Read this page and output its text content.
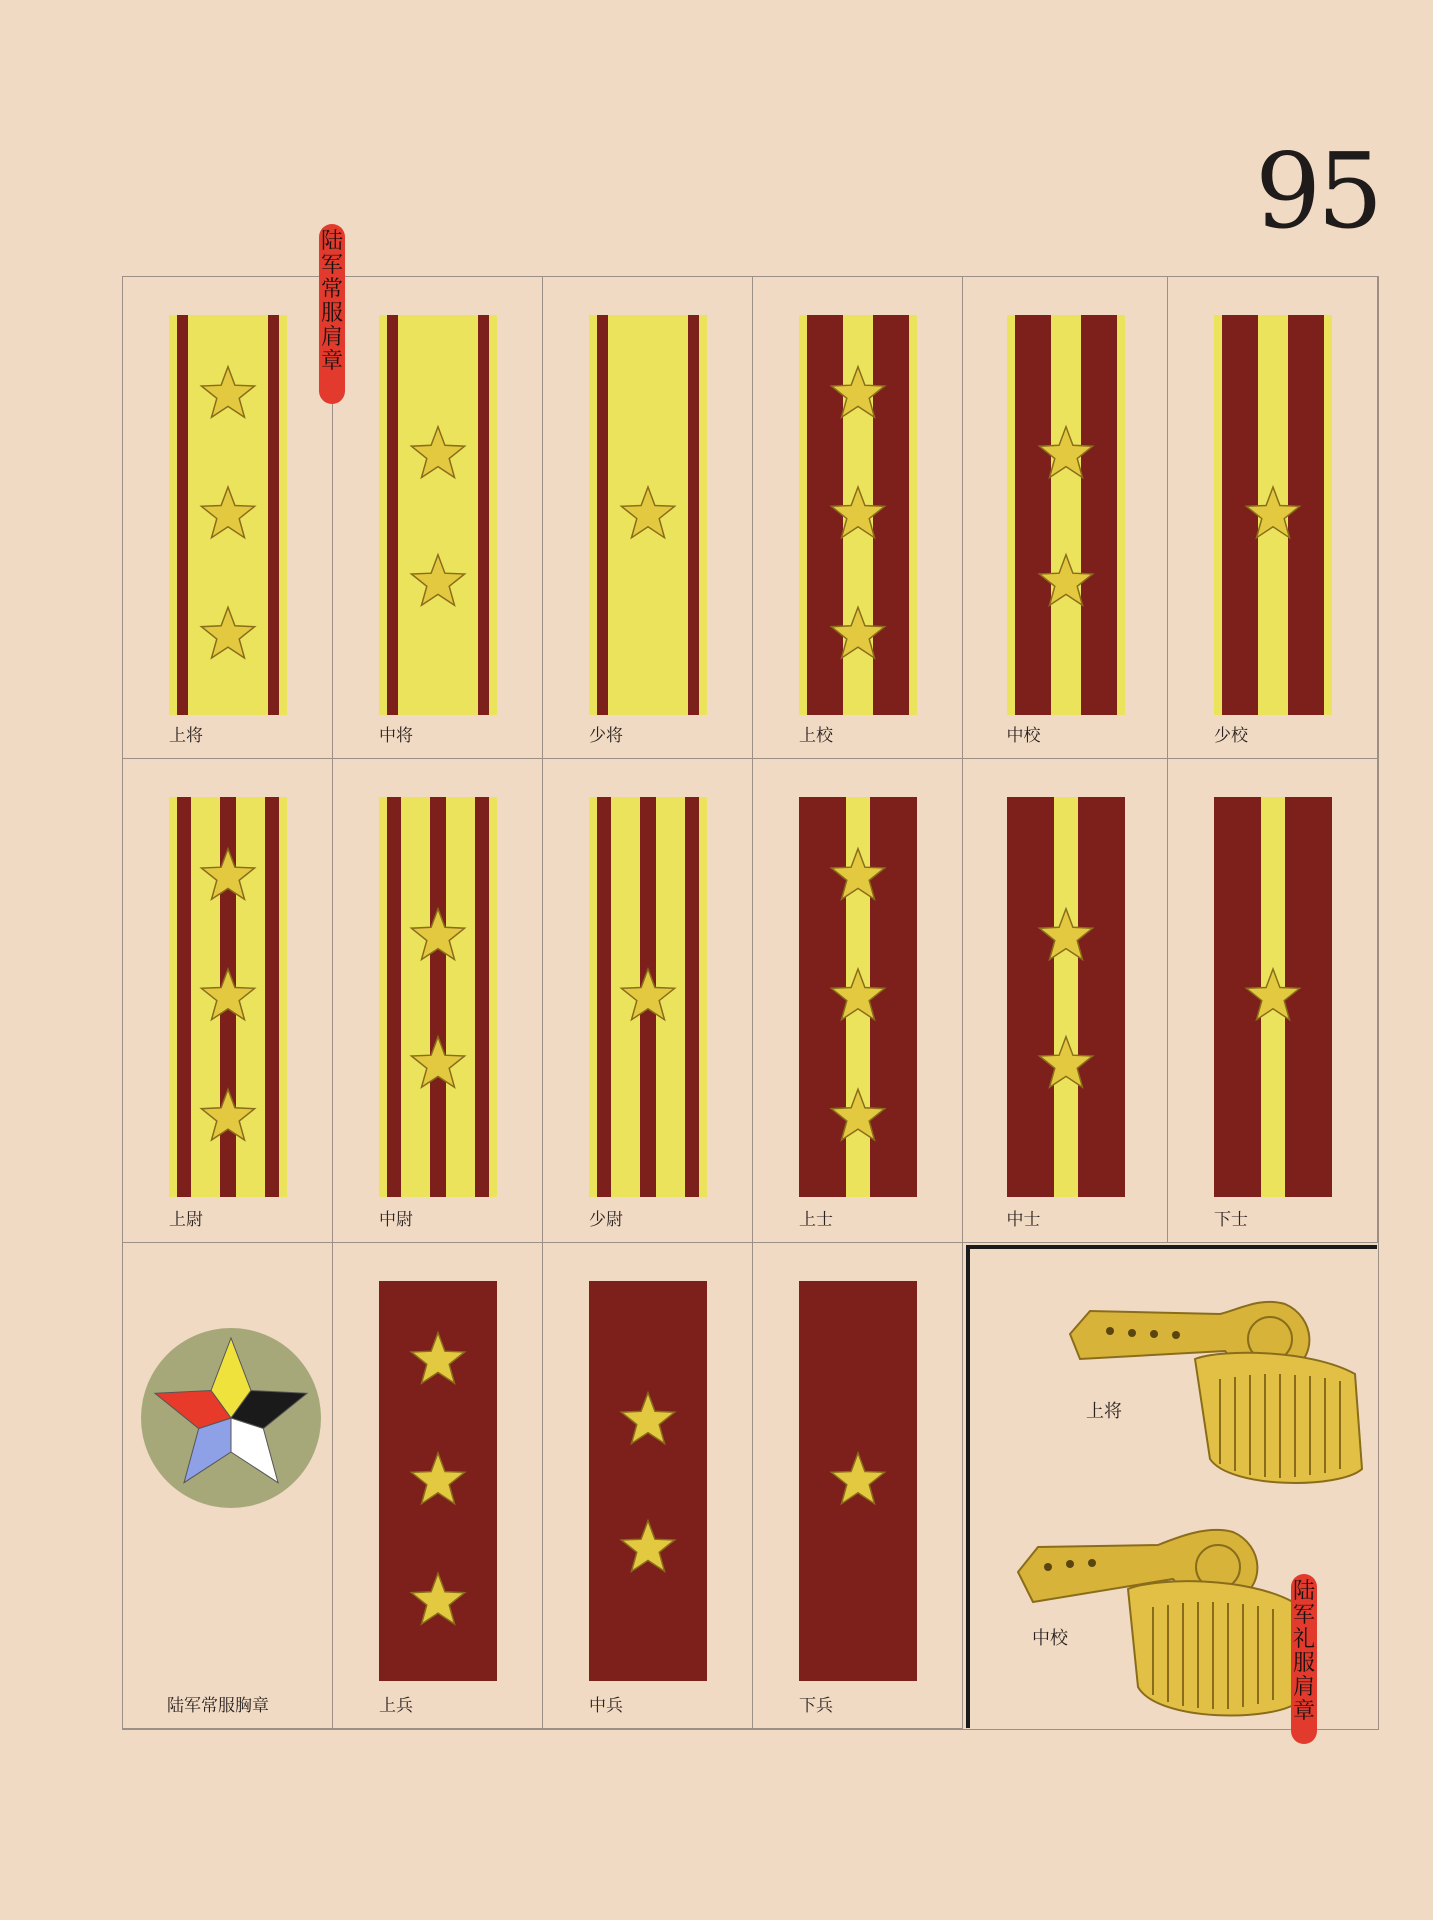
95
上将	中将	少将	上校	中校	少校
上尉	中尉	少尉	上士	中士	下士
陆军常服胸章	上兵	中兵	下兵
陆军常服肩章
上将
中校
陆军礼服肩章
